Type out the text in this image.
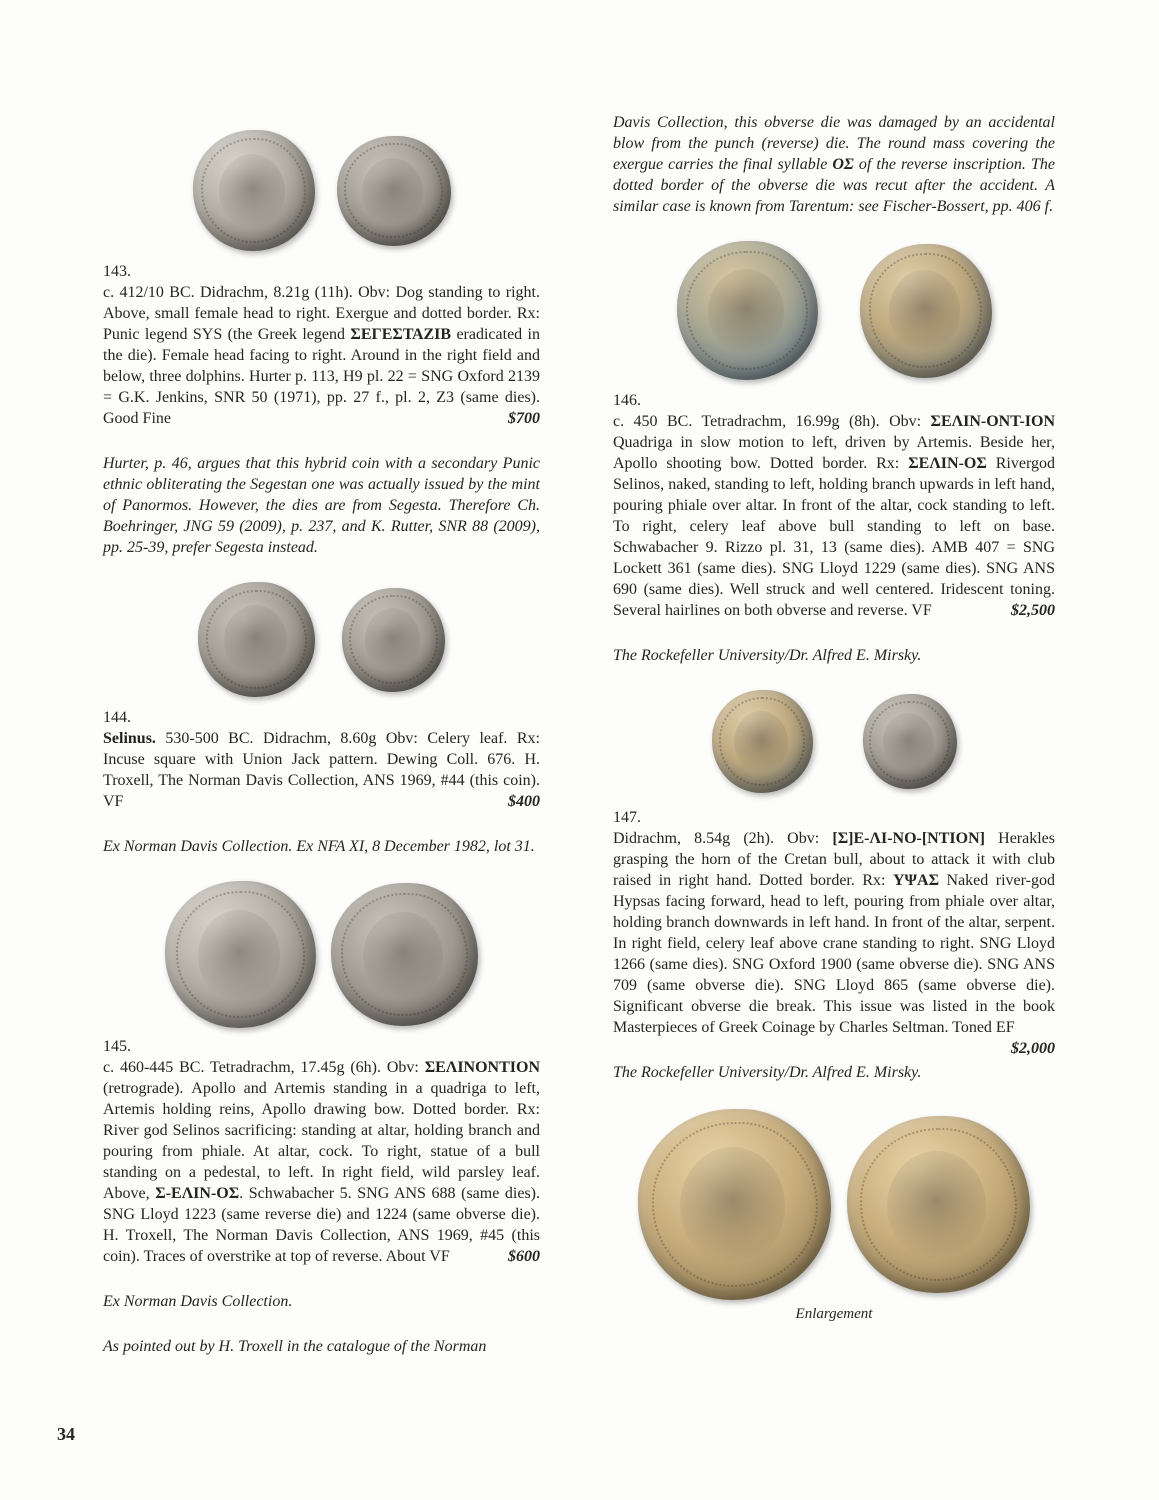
143.

c. 412/10 BC. Didrachm, 8.21g (11h). Obv: Dog standing to right. Above, small female head to right. Exergue and dotted border. Rx: Punic legend SYS (the Greek legend ΣΕΓΕΣΤΑΖΙΒ eradicated in the die). Female head facing to right. Around in the right field and below, three dolphins. Hurter p. 113, H9 pl. 22 = SNG Oxford 2139 = G.K. Jenkins, SNR 50 (1971), pp. 27 f., pl. 2, Z3 (same dies). Good Fine	$700

Hurter, p. 46, argues that this hybrid coin with a secondary Punic ethnic obliterating the Segestan one was actually issued by the mint of Panormos. However, the dies are from Segesta. Therefore Ch. Boehringer, JNG 59 (2009), p. 237, and K. Rutter, SNR 88 (2009), pp. 25-39, prefer Segesta instead.

144.

Selinus. 530-500 BC. Didrachm, 8.60g Obv: Celery leaf. Rx: Incuse square with Union Jack pattern. Dewing Coll. 676. H. Troxell, The Norman Davis Collection, ANS 1969, #44 (this coin). VF	$400

Ex Norman Davis Collection. Ex NFA XI, 8 December 1982, lot 31.

145.

c. 460-445 BC. Tetradrachm, 17.45g (6h). Obv: ΣΕΛΙΝΟΝΤΙΟΝ (retrograde). Apollo and Artemis standing in a quadriga to left, Artemis holding reins, Apollo drawing bow. Dotted border. Rx: River god Selinos sacrificing: standing at altar, holding branch and pouring from phiale. At altar, cock. To right, statue of a bull standing on a pedestal, to left. In right field, wild parsley leaf. Above, Σ-ΕΛΙΝ-ΟΣ. Schwabacher 5. SNG ANS 688 (same dies). SNG Lloyd 1223 (same reverse die) and 1224 (same obverse die). H. Troxell, The Norman Davis Collection, ANS 1969, #45 (this coin). Traces of overstrike at top of reverse. About VF	$600

Ex Norman Davis Collection.

As pointed out by H. Troxell in the catalogue of the Norman

Davis Collection, this obverse die was damaged by an accidental blow from the punch (reverse) die. The round mass covering the exergue carries the final syllable ΟΣ of the reverse inscription. The dotted border of the obverse die was recut after the accident. A similar case is known from Tarentum: see Fischer-Bossert, pp. 406 f.

146.

c. 450 BC. Tetradrachm, 16.99g (8h). Obv: ΣΕΛΙΝ-ΟΝΤ-ΙΟΝ Quadriga in slow motion to left, driven by Artemis. Beside her, Apollo shooting bow. Dotted border. Rx: ΣΕΛΙΝ-ΟΣ Rivergod Selinos, naked, standing to left, holding branch upwards in left hand, pouring phiale over altar. In front of the altar, cock standing to left. To right, celery leaf above bull standing to left on base. Schwabacher 9. Rizzo pl. 31, 13 (same dies). AMB 407 = SNG Lockett 361 (same dies). SNG Lloyd 1229 (same dies). SNG ANS 690 (same dies). Well struck and well centered. Iridescent toning. Several hairlines on both obverse and reverse. VF	$2,500

The Rockefeller University/Dr. Alfred E. Mirsky.

147.

Didrachm, 8.54g (2h). Obv: [Σ]Ε-ΛΙ-ΝΟ-[ΝΤΙΟΝ] Herakles grasping the horn of the Cretan bull, about to attack it with club raised in right hand. Dotted border. Rx: ΥΨΑΣ Naked river-god Hypsas facing forward, head to left, pouring from phiale over altar, holding branch downwards in left hand. In front of the altar, serpent. In right field, celery leaf above crane standing to right. SNG Lloyd 1266 (same dies). SNG Oxford 1900 (same obverse die). SNG ANS 709 (same obverse die). SNG Lloyd 865 (same obverse die). Significant obverse die break. This issue was listed in the book Masterpieces of Greek Coinage by Charles Seltman. Toned EF
$2,000

The Rockefeller University/Dr. Alfred E. Mirsky.

Enlargement

34
